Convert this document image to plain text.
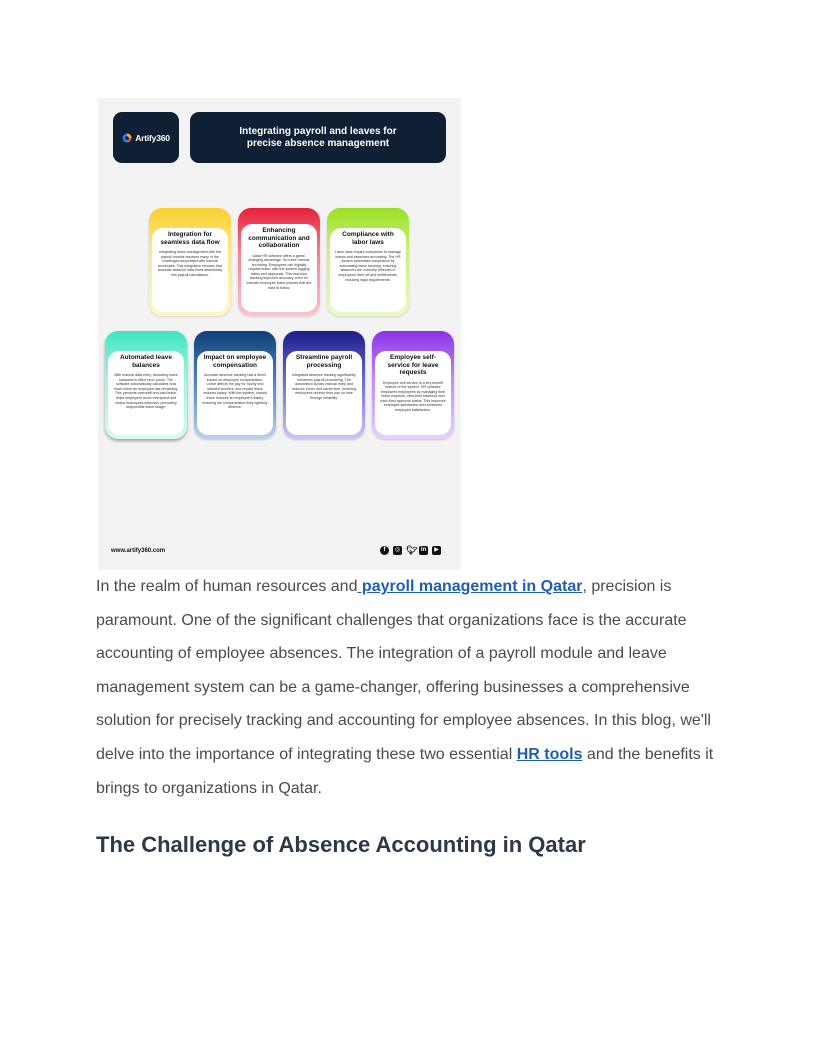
Artify360
Integrating payroll and leaves for precise absence management
Integration for seamless data flow
Integrating leave management with the payroll module resolves many of the challenges associated with manual processes. This integration ensures that accurate absence data flows seamlessly into payroll calculations.
Enhancing communication and collaboration
Qatar HR software offers a game-changing advantage. No more manual recording. Employees can digitally request leave, with the system logging dates and approvals. This real-time tracking improves accuracy, even for intricate employee leave policies that are hard to follow.
Compliance with labor laws
Labor laws require companies to manage leaves and absences accurately. The HR system automates compliance by automating leave tracking, ensuring absences are correctly reflected in employees' time off and entitlements, reducing legal requirements.
Automated leave balances
With manual data entry, deducting leave balances is often error-prone. The software automatically calculates how much leave an employee has remaining. This prevents overdraft and paid leave, helps employers avoid overspend and keeps employees informed, promoting responsible leave usage.
Impact on employee compensation
Accurate absence tracking has a direct impact on employee compensation. Leave affects the pay for hourly and salaried workers, and unpaid leave reduces salary. With the system, unpaid leave reduces an employee's salary, ensuring the compensation they rightfully deserve.
Streamline payroll processing
Integrated absence tracking significantly enhances payroll processing. The automation avoids manual entry and reduces errors and saves time, ensuring employees receive their pay on time through reliability.
Employee self-service for leave requests
Employee self-service is a key benefit feature of the system. HR software empowers employees by managing their leave requests, view their balances and track their approval status. This improves employee satisfaction and enhances employee satisfaction.
www.artify360.com	f	◎ 🐦︎ in	▶

In the realm of human resources and payroll management in Qatar, precision is paramount. One of the significant challenges that organizations face is the accurate accounting of employee absences. The integration of a payroll module and leave management system can be a game-changer, offering businesses a comprehensive solution for precisely tracking and accounting for employee absences. In this blog, we'll delve into the importance of integrating these two essential HR tools and the benefits it brings to organizations in Qatar.

The Challenge of Absence Accounting in Qatar
